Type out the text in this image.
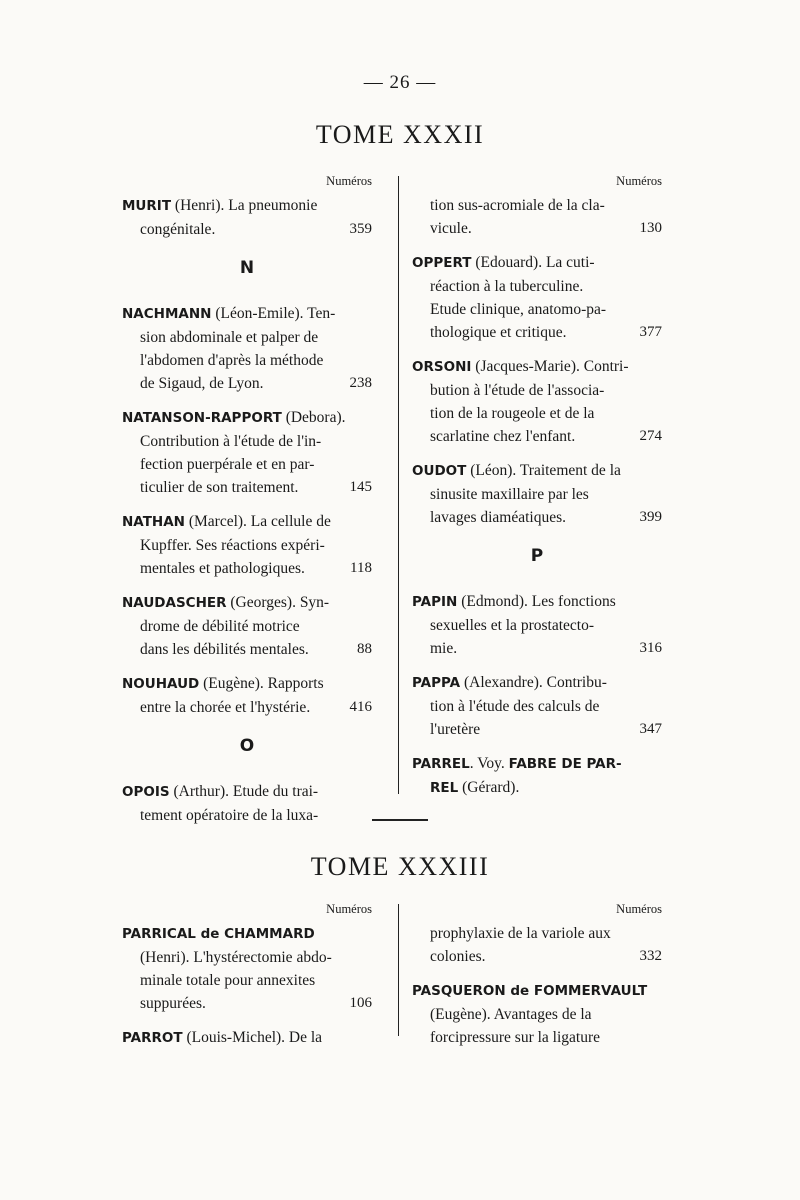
— 26 —
TOME XXXII
Numéros
MURIT (Henri). La pneumonie
congénitale.	359
N
NACHMANN (Léon-Emile). Ten-
sion abdominale et palper de
l'abdomen d'après la méthode
de Sigaud, de Lyon.	238
NATANSON-RAPPORT (Debora).
Contribution à l'étude de l'in-
fection puerpérale et en par-
ticulier de son traitement.	145
NATHAN (Marcel). La cellule de
Kupffer. Ses réactions expéri-
mentales et pathologiques.	118
NAUDASCHER (Georges). Syn-
drome de débilité motrice
dans les débilités mentales.	88
NOUHAUD (Eugène). Rapports
entre la chorée et l'hystérie.	416
O
OPOIS (Arthur). Etude du trai-
tement opératoire de la luxa-
Numéros
tion sus-acromiale de la cla-
vicule.	130
OPPERT (Edouard). La cuti-
réaction à la tuberculine.
Etude clinique, anatomo-pa-
thologique et critique.	377
ORSONI (Jacques-Marie). Contri-
bution à l'étude de l'associa-
tion de la rougeole et de la
scarlatine chez l'enfant.	274
OUDOT (Léon). Traitement de la
sinusite maxillaire par les
lavages diaméatiques.	399
P
PAPIN (Edmond). Les fonctions
sexuelles et la prostatecto-
mie.	316
PAPPA (Alexandre). Contribu-
tion à l'étude des calculs de
l'uretère	347
PARREL. Voy. FABRE DE PAR-
REL (Gérard).
TOME XXXIII
Numéros
PARRICAL de CHAMMARD
(Henri). L'hystérectomie abdo-
minale totale pour annexites
suppurées.	106
PARROT (Louis-Michel). De la
Numéros
prophylaxie de la variole aux
colonies.	332
PASQUERON de FOMMERVAULT
(Eugène). Avantages de la
forcipressure sur la ligature
